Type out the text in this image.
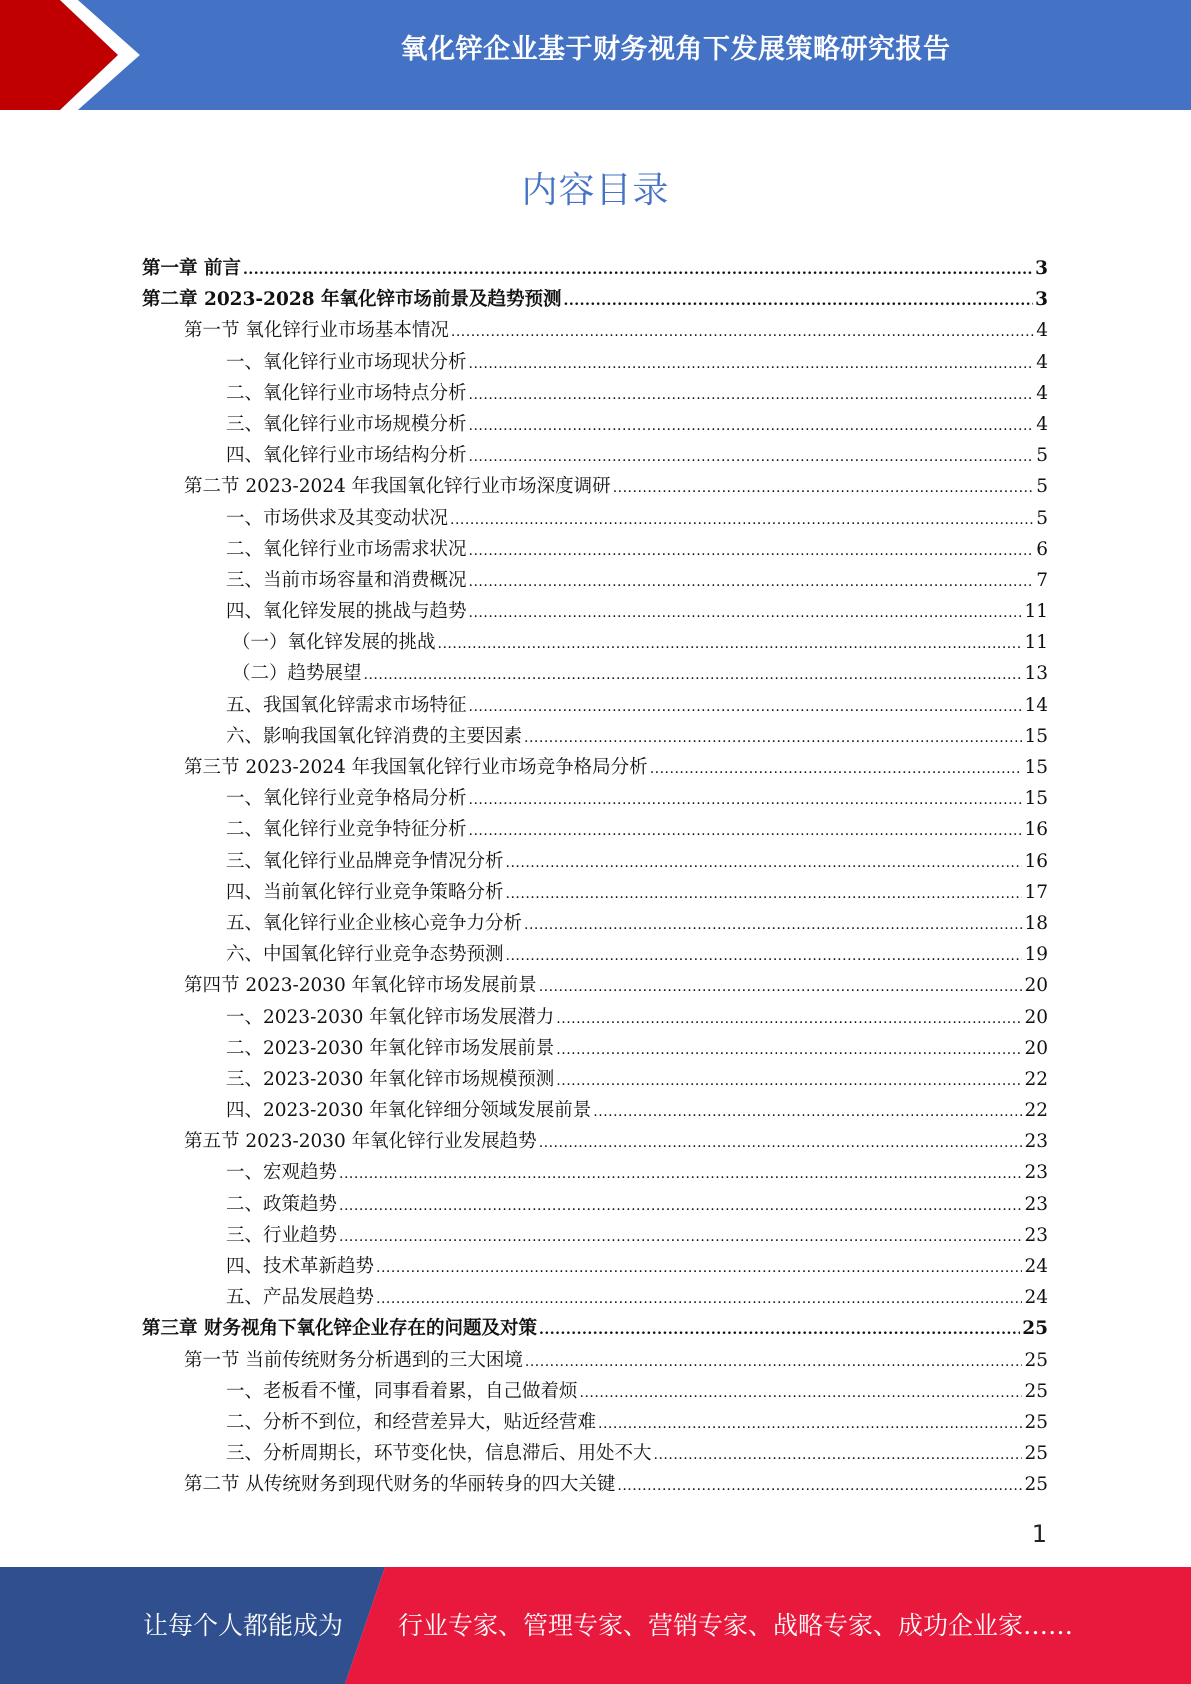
氧化锌企业基于财务视角下发展策略研究报告
内容目录
第一章 前言 .....	3
第二章 2023-2028 年氧化锌市场前景及趋势预测 .....	3
第一节 氧化锌行业市场基本情况 .....	4
一、氧化锌行业市场现状分析 .....	4
二、氧化锌行业市场特点分析 .....	4
三、氧化锌行业市场规模分析 .....	4
四、氧化锌行业市场结构分析 .....	5
第二节 2023-2024 年我国氧化锌行业市场深度调研 .....	5
一、市场供求及其变动状况 .....	5
二、氧化锌行业市场需求状况 .....	6
三、当前市场容量和消费概况 .....	7
四、氧化锌发展的挑战与趋势 .....	11
（一）氧化锌发展的挑战 .....	11
（二）趋势展望 .....	13
五、我国氧化锌需求市场特征 .....	14
六、影响我国氧化锌消费的主要因素 .....	15
第三节 2023-2024 年我国氧化锌行业市场竞争格局分析 .....	15
一、氧化锌行业竞争格局分析 .....	15
二、氧化锌行业竞争特征分析 .....	16
三、氧化锌行业品牌竞争情况分析 .....	16
四、当前氧化锌行业竞争策略分析 .....	17
五、氧化锌行业企业核心竞争力分析 .....	18
六、中国氧化锌行业竞争态势预测 .....	19
第四节 2023-2030 年氧化锌市场发展前景 .....	20
一、2023-2030 年氧化锌市场发展潜力 .....	20
二、2023-2030 年氧化锌市场发展前景 .....	20
三、2023-2030 年氧化锌市场规模预测 .....	22
四、2023-2030 年氧化锌细分领域发展前景 .....	22
第五节 2023-2030 年氧化锌行业发展趋势 .....	23
一、宏观趋势 .....	23
二、政策趋势 .....	23
三、行业趋势 .....	23
四、技术革新趋势 .....	24
五、产品发展趋势 .....	24
第三章 财务视角下氧化锌企业存在的问题及对策 .....	25
第一节 当前传统财务分析遇到的三大困境 .....	25
一、老板看不懂，同事看着累，自己做着烦 .....	25
二、分析不到位，和经营差异大，贴近经营难 .....	25
三、分析周期长，环节变化快，信息滞后、用处不大 .....	25
第二节 从传统财务到现代财务的华丽转身的四大关键 .....	25
1
让每个人都能成为 行业专家、管理专家、营销专家、战略专家、成功企业家……
